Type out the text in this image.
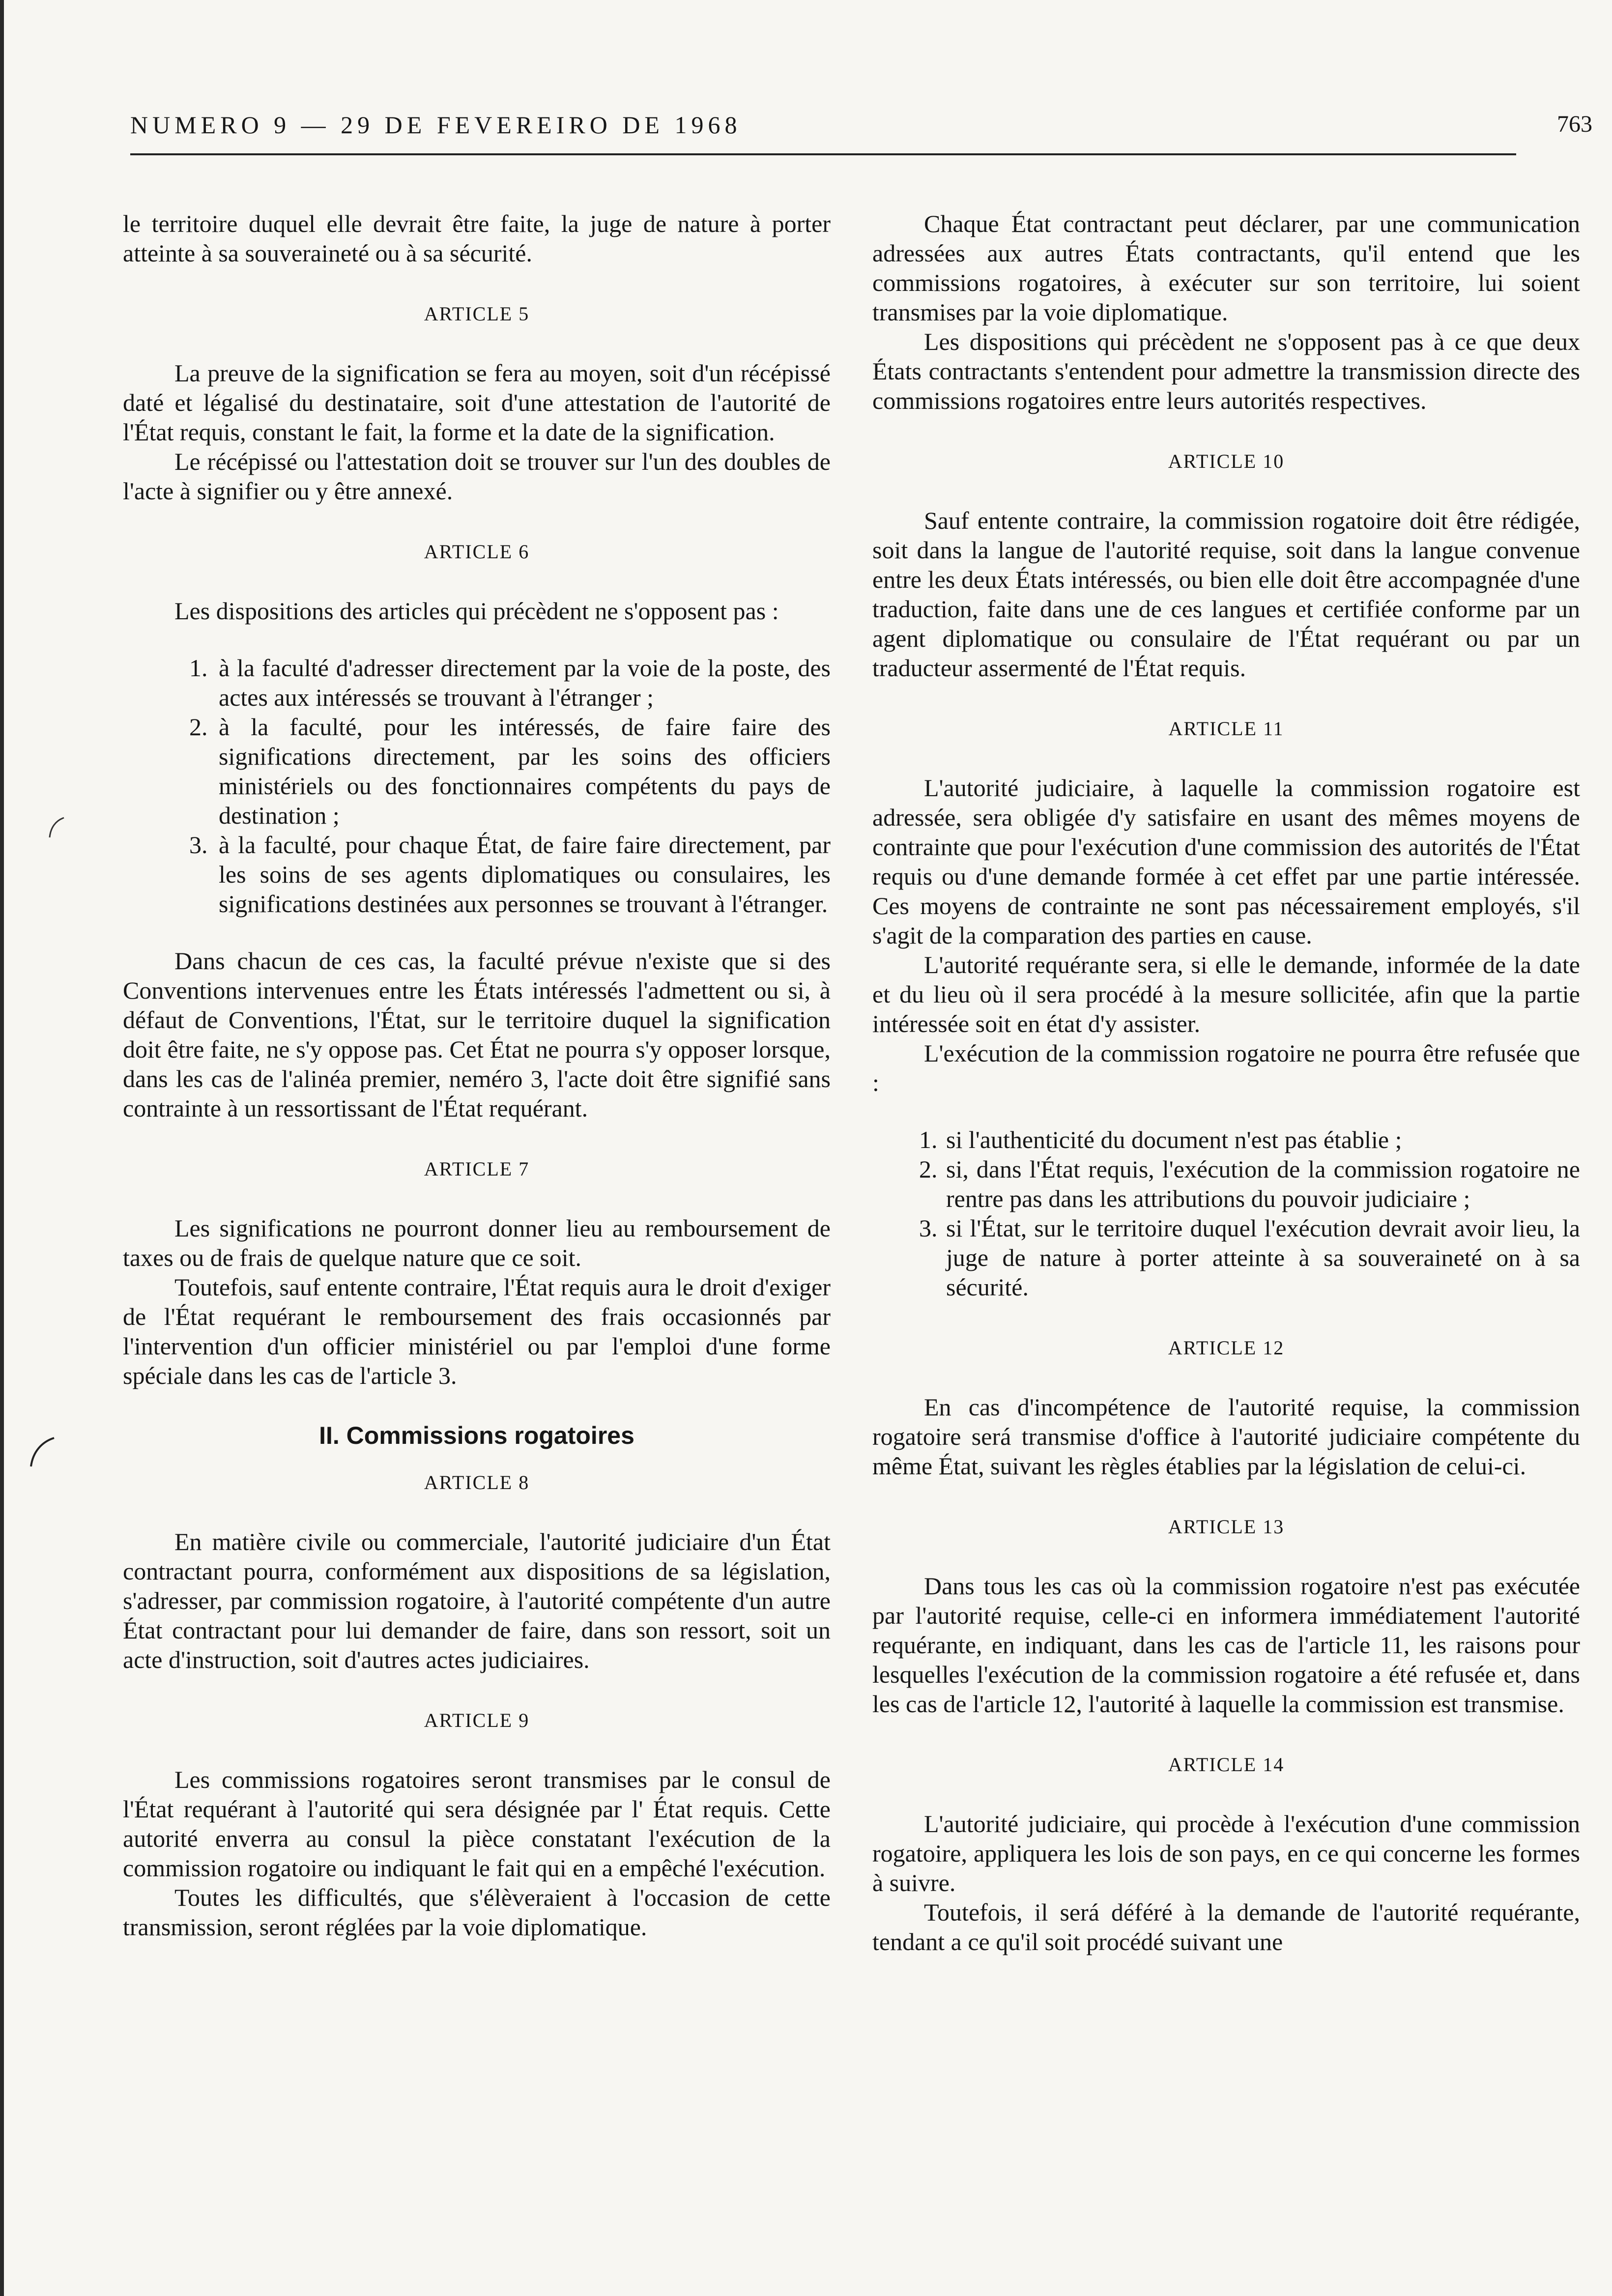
NUMERO 9 — 29 DE FEVEREIRO DE 1968	763

le territoire duquel elle devrait être faite, la juge de nature à porter atteinte à sa souveraineté ou à sa sécurité.

ARTICLE 5

La preuve de la signification se fera au moyen, soit d'un récépissé daté et légalisé du destinataire, soit d'une attestation de l'autorité de l'État requis, constant le fait, la forme et la date de la signification.

Le récépissé ou l'attestation doit se trouver sur l'un des doubles de l'acte à signifier ou y être annexé.

ARTICLE 6

Les dispositions des articles qui précèdent ne s'opposent pas :

1. à la faculté d'adresser directement par la voie de la poste, des actes aux intéressés se trouvant à l'étranger ;
2. à la faculté, pour les intéressés, de faire faire des significations directement, par les soins des officiers ministériels ou des fonctionnaires compétents du pays de destination ;
3. à la faculté, pour chaque État, de faire faire directement, par les soins de ses agents diplomatiques ou consulaires, les significations destinées aux personnes se trouvant à l'étranger.

Dans chacun de ces cas, la faculté prévue n'existe que si des Conventions intervenues entre les États intéressés l'admettent ou si, à défaut de Conventions, l'État, sur le territoire duquel la signification doit être faite, ne s'y oppose pas. Cet État ne pourra s'y opposer lorsque, dans les cas de l'alinéa premier, neméro 3, l'acte doit être signifié sans contrainte à un ressortissant de l'État requérant.

ARTICLE 7

Les significations ne pourront donner lieu au remboursement de taxes ou de frais de quelque nature que ce soit.

Toutefois, sauf entente contraire, l'État requis aura le droit d'exiger de l'État requérant le remboursement des frais occasionnés par l'intervention d'un officier ministériel ou par l'emploi d'une forme spéciale dans les cas de l'article 3.

II. Commissions rogatoires
ARTICLE 8

En matière civile ou commerciale, l'autorité judiciaire d'un État contractant pourra, conformément aux dispositions de sa législation, s'adresser, par commission rogatoire, à l'autorité compétente d'un autre État contractant pour lui demander de faire, dans son ressort, soit un acte d'instruction, soit d'autres actes judiciaires.

ARTICLE 9

Les commissions rogatoires seront transmises par le consul de l'État requérant à l'autorité qui sera désignée par l' État requis. Cette autorité enverra au consul la pièce constatant l'exécution de la commission rogatoire ou indiquant le fait qui en a empêché l'exécution.

Toutes les difficultés, que s'élèveraient à l'occasion de cette transmission, seront réglées par la voie diplomatique.

Chaque État contractant peut déclarer, par une communication adressées aux autres États contractants, qu'il entend que les commissions rogatoires, à exécuter sur son territoire, lui soient transmises par la voie diplomatique.

Les dispositions qui précèdent ne s'opposent pas à ce que deux États contractants s'entendent pour admettre la transmission directe des commissions rogatoires entre leurs autorités respectives.

ARTICLE 10

Sauf entente contraire, la commission rogatoire doit être rédigée, soit dans la langue de l'autorité requise, soit dans la langue convenue entre les deux États intéressés, ou bien elle doit être accompagnée d'une traduction, faite dans une de ces langues et certifiée conforme par un agent diplomatique ou consulaire de l'État requérant ou par un traducteur assermenté de l'État requis.

ARTICLE 11

L'autorité judiciaire, à laquelle la commission rogatoire est adressée, sera obligée d'y satisfaire en usant des mêmes moyens de contrainte que pour l'exécution d'une commission des autorités de l'État requis ou d'une demande formée à cet effet par une partie intéressée. Ces moyens de contrainte ne sont pas nécessairement employés, s'il s'agit de la comparation des parties en cause.

L'autorité requérante sera, si elle le demande, informée de la date et du lieu où il sera procédé à la mesure sollicitée, afin que la partie intéressée soit en état d'y assister.

L'exécution de la commission rogatoire ne pourra être refusée que :

1. si l'authenticité du document n'est pas établie ;
2. si, dans l'État requis, l'exécution de la commission rogatoire ne rentre pas dans les attributions du pouvoir judiciaire ;
3. si l'État, sur le territoire duquel l'exécution devrait avoir lieu, la juge de nature à porter atteinte à sa souveraineté on à sa sécurité.
ARTICLE 12

En cas d'incompétence de l'autorité requise, la commission rogatoire será transmise d'office à l'autorité judiciaire compétente du même État, suivant les règles établies par la législation de celui-ci.

ARTICLE 13

Dans tous les cas où la commission rogatoire n'est pas exécutée par l'autorité requise, celle-ci en informera immédiatement l'autorité requérante, en indiquant, dans les cas de l'article 11, les raisons pour lesquelles l'exécution de la commission rogatoire a été refusée et, dans les cas de l'article 12, l'autorité à laquelle la commission est transmise.

ARTICLE 14

L'autorité judiciaire, qui procède à l'exécution d'une commission rogatoire, appliquera les lois de son pays, en ce qui concerne les formes à suivre.

Toutefois, il será déféré à la demande de l'autorité requérante, tendant a ce qu'il soit procédé suivant une
